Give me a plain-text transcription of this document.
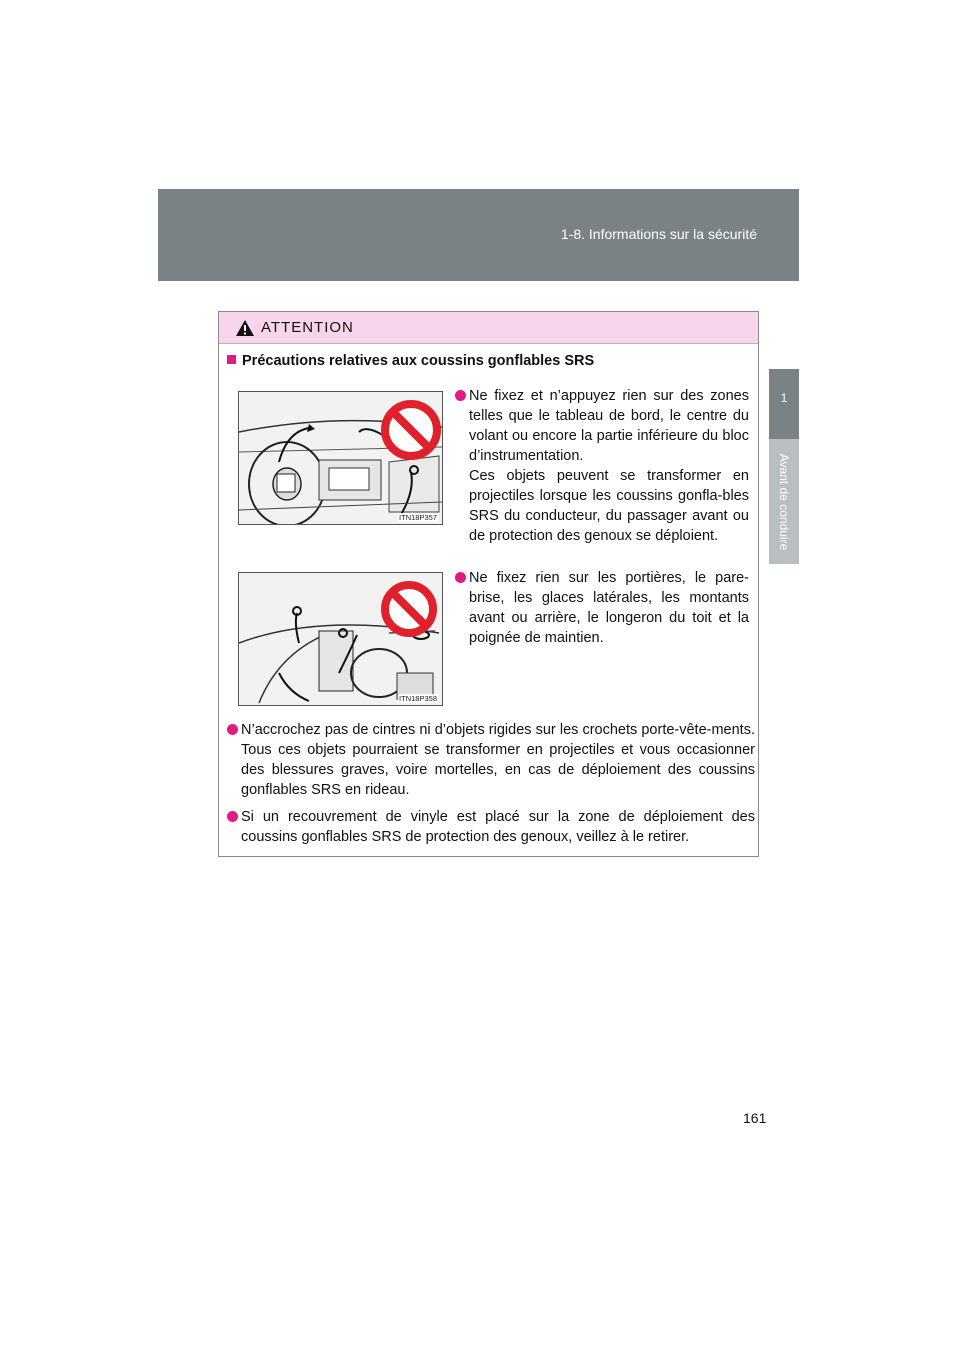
1-8. Informations sur la sécurité
1
Avant de conduire
ATTENTION
Précautions relatives aux coussins gonflables SRS
ITN18P357
ITN18P358
Ne fixez et n’appuyez rien sur des zones telles que le tableau de bord, le centre du volant ou encore la partie inférieure du bloc d’instrumentation.
Ces objets peuvent se transformer en projectiles lorsque les coussins gonfla-bles SRS du conducteur, du passager avant ou de protection des genoux se déploient.
Ne fixez rien sur les portières, le pare-brise, les glaces latérales, les montants avant ou arrière, le longeron du toit et la poignée de maintien.
N’accrochez pas de cintres ni d’objets rigides sur les crochets porte-vête-ments. Tous ces objets pourraient se transformer en projectiles et vous occasionner des blessures graves, voire mortelles, en cas de déploiement des coussins gonflables SRS en rideau.
Si un recouvrement de vinyle est placé sur la zone de déploiement des coussins gonflables SRS de protection des genoux, veillez à le retirer.
161
